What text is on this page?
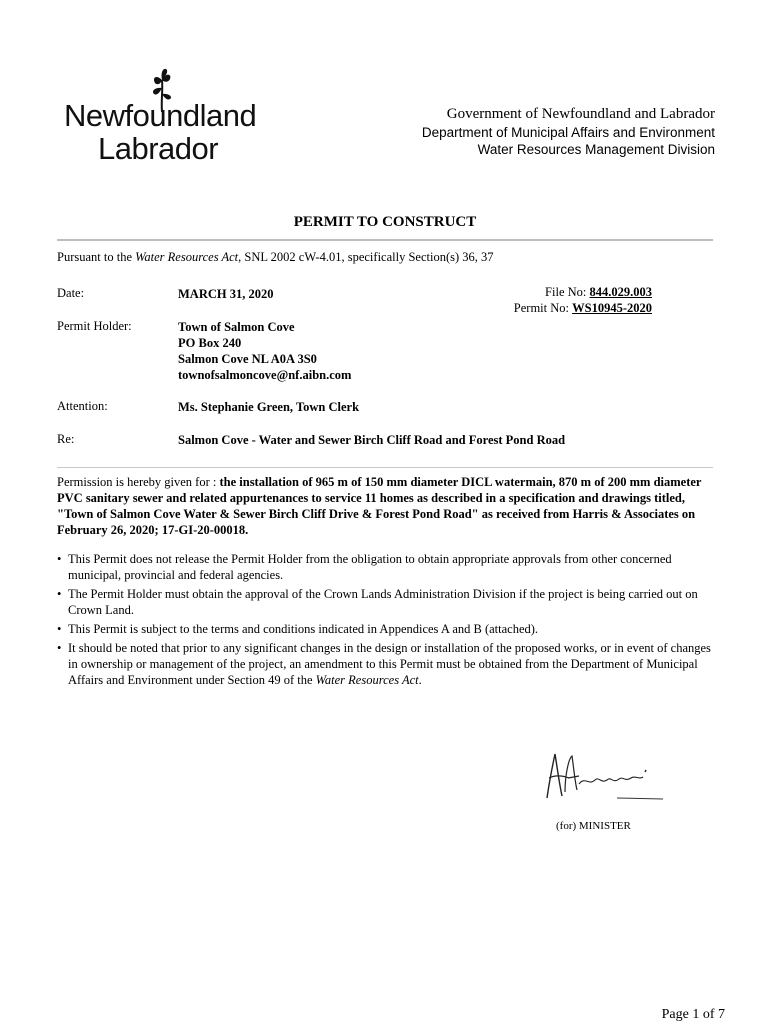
Newfoundland
Labrador
Government of Newfoundland and Labrador
Department of Municipal Affairs and Environment
Water Resources Management Division
PERMIT TO CONSTRUCT
Pursuant to the Water Resources Act, SNL 2002 cW-4.01, specifically Section(s) 36, 37
Date:	MARCH 31, 2020	File No: 844.029.003
Permit No: WS10945-2020
Permit Holder:	Town of Salmon Cove
PO Box 240
Salmon Cove NL A0A 3S0
townofsalmoncove@nf.aibn.com
Attention:	Ms. Stephanie Green, Town Clerk
Re:	Salmon Cove - Water and Sewer Birch Cliff Road and Forest Pond Road
Permission is hereby given for : the installation of 965 m of 150 mm diameter DICL watermain, 870 m of 200 mm diameter PVC sanitary sewer and related appurtenances to service 11 homes as described in a specification and drawings titled, "Town of Salmon Cove Water & Sewer Birch Cliff Drive & Forest Pond Road" as received from Harris & Associates on February 26, 2020; 17-GI-20-00018.
• This Permit does not release the Permit Holder from the obligation to obtain appropriate approvals from other concerned municipal, provincial and federal agencies.
• The Permit Holder must obtain the approval of the Crown Lands Administration Division if the project is being carried out on Crown Land.
• This Permit is subject to the terms and conditions indicated in Appendices A and B (attached).
• It should be noted that prior to any significant changes in the design or installation of the proposed works, or in event of changes in ownership or management of the project, an amendment to this Permit must be obtained from the Department of Municipal Affairs and Environment under Section 49 of the Water Resources Act.
(for) MINISTER
Page 1 of 7
